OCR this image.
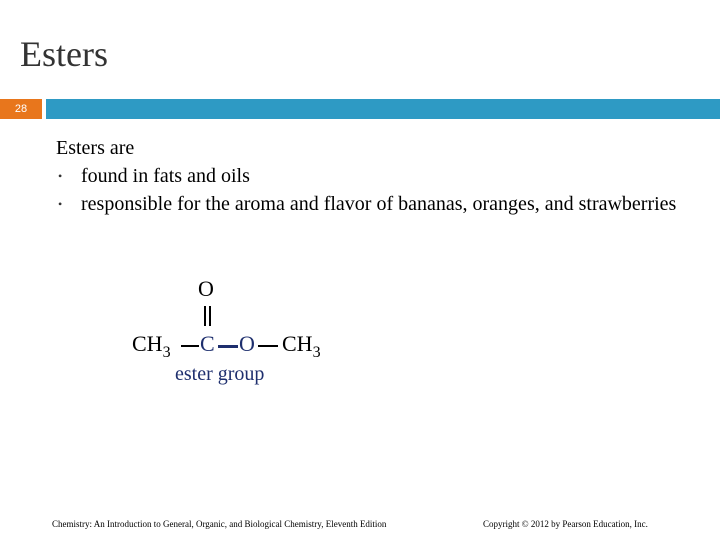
Esters
28
Esters are
• found in fats and oils
• responsible for the aroma and flavor of bananas, oranges, and strawberries
O
$CH_3$ C O $CH_3$
ester group
Chemistry: An Introduction to General, Organic, and Biological Chemistry, Eleventh Edition	Copyright © 2012 by Pearson Education, Inc.
